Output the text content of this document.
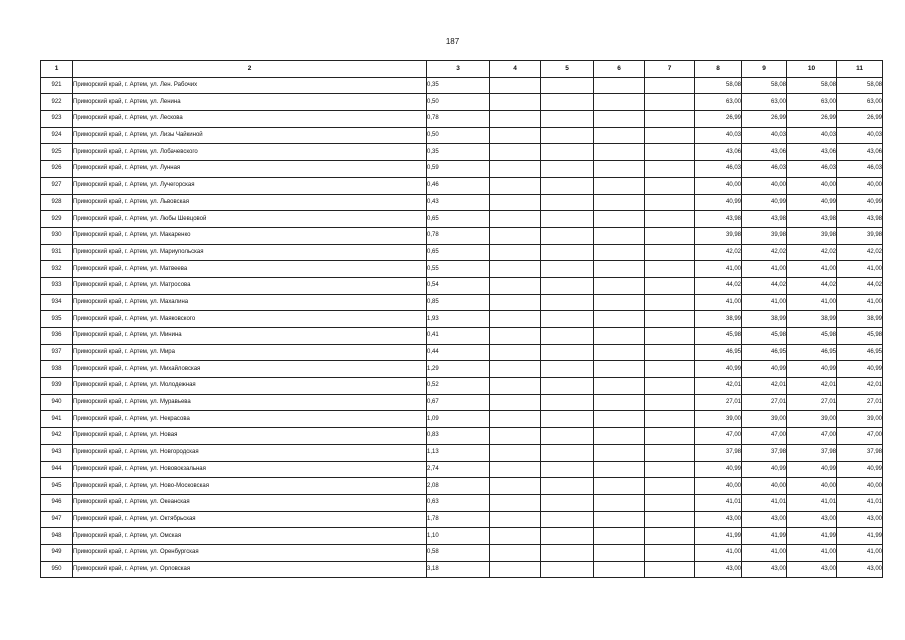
187
1	2	3	4	5	6	7	8	9	10	11
921	Приморский край, г. Артем, ул. Лен. Рабочих	0,35					58,08	58,08	58,08	58,08
922	Приморский край, г. Артем, ул. Ленина	0,50					63,00	63,00	63,00	63,00
923	Приморский край, г. Артем, ул. Лескова	0,78					26,99	26,99	26,99	26,99
924	Приморский край, г. Артем, ул. Лизы Чайкиной	0,50					40,03	40,03	40,03	40,03
925	Приморский край, г. Артем, ул. Лобачевского	0,35					43,06	43,06	43,06	43,06
926	Приморский край, г. Артем, ул. Лунная	0,59					46,03	46,03	46,03	46,03
927	Приморский край, г. Артем, ул. Лучегорская	0,46					40,00	40,00	40,00	40,00
928	Приморский край, г. Артем, ул. Львовская	0,43					40,99	40,99	40,99	40,99
929	Приморский край, г. Артем, ул. Любы Шевцовой	0,65					43,98	43,98	43,98	43,98
930	Приморский край, г. Артем, ул. Макаренко	0,78					39,98	39,98	39,98	39,98
931	Приморский край, г. Артем, ул. Мариупольская	0,65					42,02	42,02	42,02	42,02
932	Приморский край, г. Артем, ул. Матвеева	0,55					41,00	41,00	41,00	41,00
933	Приморский край, г. Артем, ул. Матросова	0,54					44,02	44,02	44,02	44,02
934	Приморский край, г. Артем, ул. Махалина	0,85					41,00	41,00	41,00	41,00
935	Приморский край, г. Артем, ул. Маяковского	1,93					38,99	38,99	38,99	38,99
936	Приморский край, г. Артем, ул. Минина	0,41					45,98	45,98	45,98	45,98
937	Приморский край, г. Артем, ул. Мира	0,44					46,95	46,95	46,95	46,95
938	Приморский край, г. Артем, ул. Михайловская	1,29					40,99	40,99	40,99	40,99
939	Приморский край, г. Артем, ул. Молодежная	0,52					42,01	42,01	42,01	42,01
940	Приморский край, г. Артем, ул. Муравьева	0,67					27,01	27,01	27,01	27,01
941	Приморский край, г. Артем, ул. Некрасова	1,09					39,00	39,00	39,00	39,00
942	Приморский край, г. Артем, ул. Новая	0,83					47,00	47,00	47,00	47,00
943	Приморский край, г. Артем, ул. Новгородская	1,13					37,98	37,98	37,98	37,98
944	Приморский край, г. Артем, ул. Нововокзальная	2,74					40,99	40,99	40,99	40,99
945	Приморский край, г. Артем, ул. Ново-Московская	2,08					40,00	40,00	40,00	40,00
946	Приморский край, г. Артем, ул. Океанская	0,63					41,01	41,01	41,01	41,01
947	Приморский край, г. Артем, ул. Октябрьская	1,78					43,00	43,00	43,00	43,00
948	Приморский край, г. Артем, ул. Омская	1,10					41,99	41,99	41,99	41,99
949	Приморский край, г. Артем, ул. Оренбургская	0,58					41,00	41,00	41,00	41,00
950	Приморский край, г. Артем, ул. Орловская	3,18					43,00	43,00	43,00	43,00
